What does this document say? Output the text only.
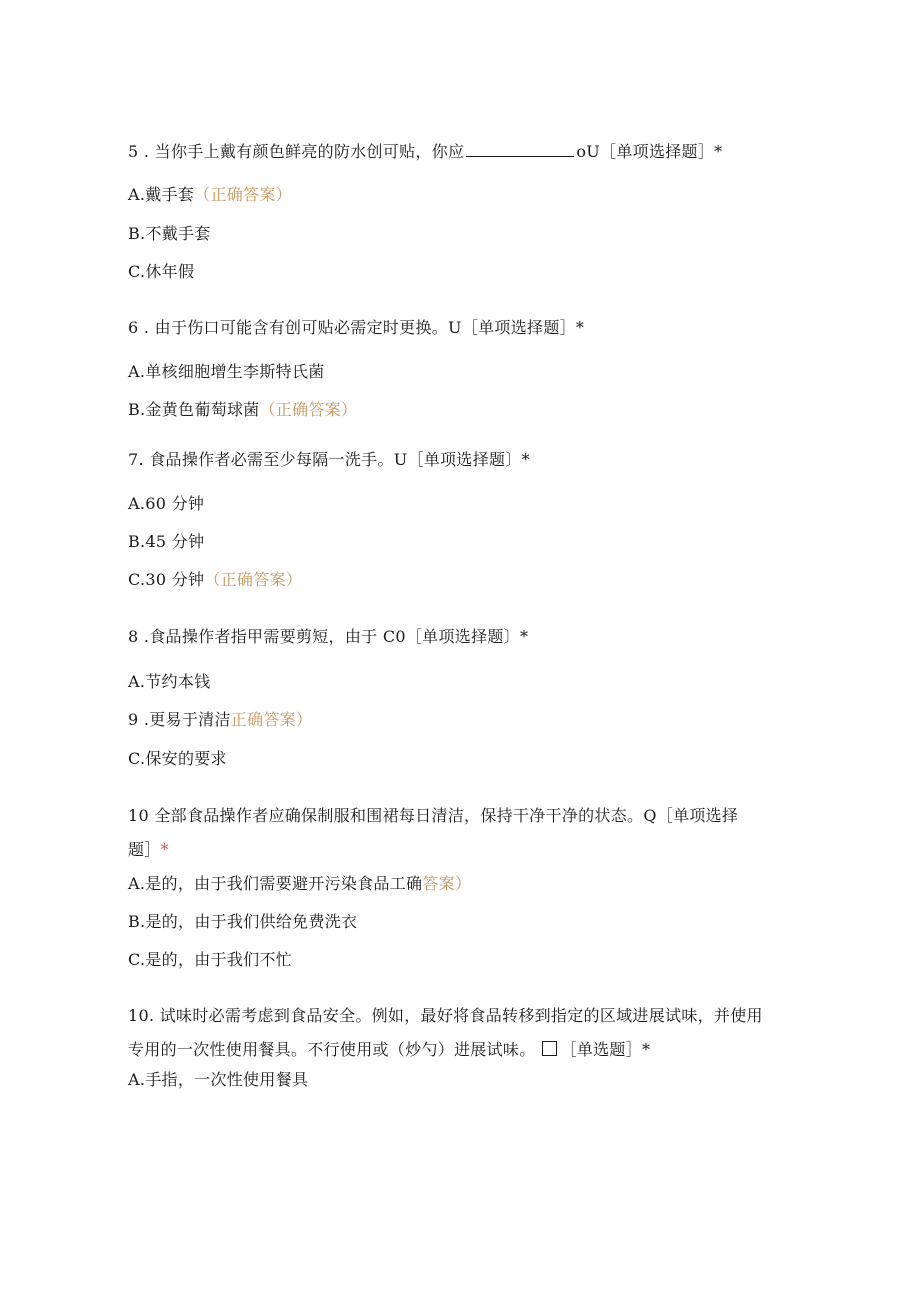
5 . 当你手上戴有颜色鲜亮的防水创可贴，你应	oU［单项选择题］*
A.戴手套（正确答案）
B.不戴手套
C.休年假
6 . 由于伤口可能含有创可贴必需定时更换。U［单项选择题］*
A.单核细胞增生李斯特氏菌
B.金黄色葡萄球菌（正确答案）
7. 食品操作者必需至少每隔一洗手。U［单项选择题〕*
A.60 分钟
B.45 分钟
C.30 分钟（正确答案）
8 .食品操作者指甲需要剪短，由于 C0［单项选择题〕*
A.节约本钱
9 .更易于清洁正确答案）
C.保安的要求
10 全部食品操作者应确保制服和围裙每日清洁，保持干净干净的状态。Q［单项选择
题］*
A.是的，由于我们需要避开污染食品工确答案）
B.是的，由于我们供给免费洗衣
C.是的，由于我们不忙
10. 试味时必需考虑到食品安全。例如，最好将食品转移到指定的区域进展试味，并使用
专用的一次性使用餐具。不行使用或（炒勺）进展试味。 ［单选题］*
A.手指，一次性使用餐具
